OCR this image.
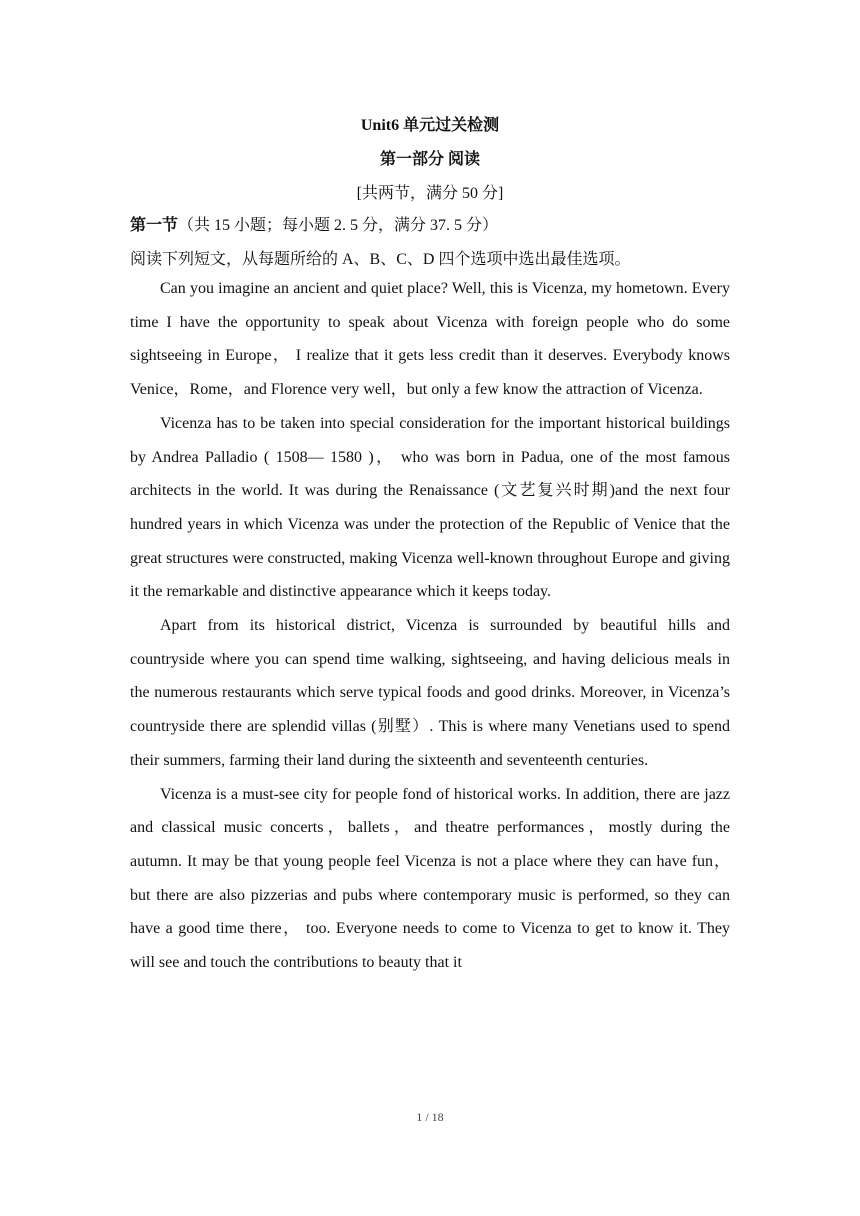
Unit6 单元过关检测
第一部分 阅读
[共两节，满分 50 分]
第一节（共 15 小题；每小题 2. 5 分，满分 37. 5 分）
阅读下列短文，从每题所给的 A、B、C、D 四个选项中选出最佳选项。

Can you imagine an ancient and quiet place? Well, this is Vicenza, my hometown. Every time I have the opportunity to speak about Vicenza with foreign people who do some sightseeing in Europe， I realize that it gets less credit than it deserves. Everybody knows Venice，Rome，and Florence very well，but only a few know the attraction of Vicenza.

Vicenza has to be taken into special consideration for the important historical buildings by Andrea Palladio ( 1508— 1580 )， who was born in Padua, one of the most famous architects in the world. It was during the Renaissance (文艺复兴时期)and the next four hundred years in which Vicenza was under the protection of the Republic of Venice that the great structures were constructed, making Vicenza well-known throughout Europe and giving it the remarkable and distinctive appearance which it keeps today.

Apart from its historical district, Vicenza is surrounded by beautiful hills and countryside where you can spend time walking, sightseeing, and having delicious meals in the numerous restaurants which serve typical foods and good drinks. Moreover, in Vicenza’s countryside there are splendid villas (别墅）. This is where many Venetians used to spend their summers, farming their land during the sixteenth and seventeenth centuries.

Vicenza is a must-see city for people fond of historical works. In addition, there are jazz and classical music concerts，ballets，and theatre performances，mostly during the autumn. It may be that young people feel Vicenza is not a place where they can have fun， but there are also pizzerias and pubs where contemporary music is performed, so they can have a good time there， too. Everyone needs to come to Vicenza to get to know it. They will see and touch the contributions to beauty that it

1 / 18
